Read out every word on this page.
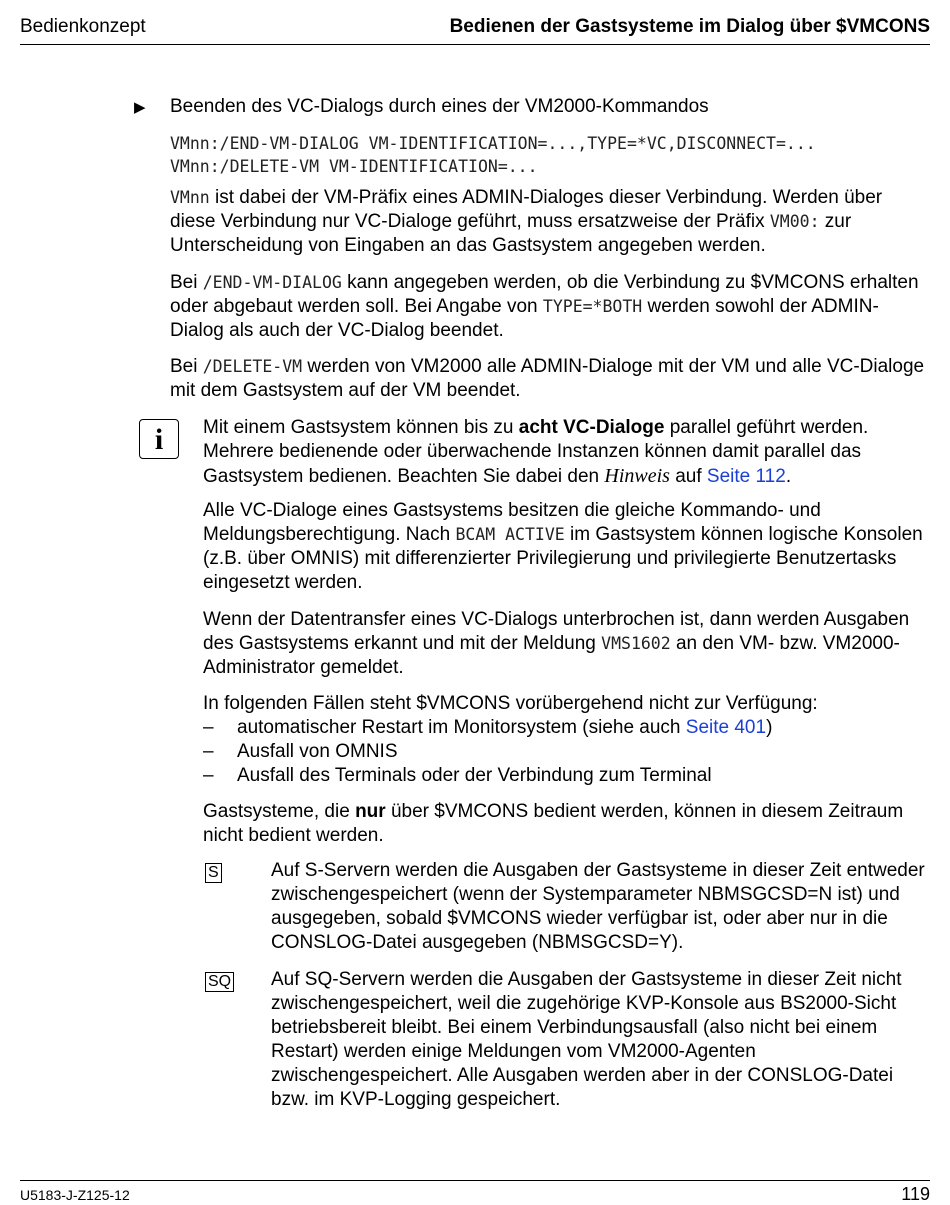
Bedienkonzept	Bedienen der Gastsysteme im Dialog über $VMCONS
▶ Beenden des VC-Dialogs durch eines der VM2000-Kommandos

VMnn:/END-VM-DIALOG VM-IDENTIFICATION=...,TYPE=*VC,DISCONNECT=...
VMnn:/DELETE-VM VM-IDENTIFICATION=...

VMnn ist dabei der VM-Präfix eines ADMIN-Dialoges dieser Verbindung. Werden über diese Verbindung nur VC-Dialoge geführt, muss ersatzweise der Präfix VM00: zur Unterscheidung von Eingaben an das Gastsystem angegeben werden.

Bei /END-VM-DIALOG kann angegeben werden, ob die Verbindung zu $VMCONS erhalten oder abgebaut werden soll. Bei Angabe von TYPE=*BOTH werden sowohl der ADMIN-Dialog als auch der VC-Dialog beendet.

Bei /DELETE-VM werden von VM2000 alle ADMIN-Dialoge mit der VM und alle VC-Dialoge mit dem Gastsystem auf der VM beendet.

i	Mit einem Gastsystem können bis zu acht VC-Dialoge parallel geführt werden. Mehrere bedienende oder überwachende Instanzen können damit parallel das Gastsystem bedienen. Beachten Sie dabei den Hinweis auf Seite 112.

Alle VC-Dialoge eines Gastsystems besitzen die gleiche Kommando- und Meldungsberechtigung. Nach BCAM ACTIVE im Gastsystem können logische Konsolen (z.B. über OMNIS) mit differenzierter Privilegierung und privilegierte Benutzertasks eingesetzt werden.

Wenn der Datentransfer eines VC-Dialogs unterbrochen ist, dann werden Ausgaben des Gastsystems erkannt und mit der Meldung VMS1602 an den VM- bzw. VM2000-Administrator gemeldet.

In folgenden Fällen steht $VMCONS vorübergehend nicht zur Verfügung:

– automatischer Restart im Monitorsystem (siehe auch Seite 401)
– Ausfall von OMNIS
– Ausfall des Terminals oder der Verbindung zum Terminal

Gastsysteme, die nur über $VMCONS bedient werden, können in diesem Zeitraum nicht bedient werden.

S	Auf S-Servern werden die Ausgaben der Gastsysteme in dieser Zeit entweder zwischengespeichert (wenn der Systemparameter NBMSGCSD=N ist) und ausgegeben, sobald $VMCONS wieder verfügbar ist, oder aber nur in die CONSLOG-Datei ausgegeben (NBMSGCSD=Y).

SQ Auf SQ-Servern werden die Ausgaben der Gastsysteme in dieser Zeit nicht zwischengespeichert, weil die zugehörige KVP-Konsole aus BS2000-Sicht betriebsbereit bleibt. Bei einem Verbindungsausfall (also nicht bei einem Restart) werden einige Meldungen vom VM2000-Agenten zwischengespeichert. Alle Ausgaben werden aber in der CONSLOG-Datei bzw. im KVP-Logging gespeichert.

U5183-J-Z125-12	119
